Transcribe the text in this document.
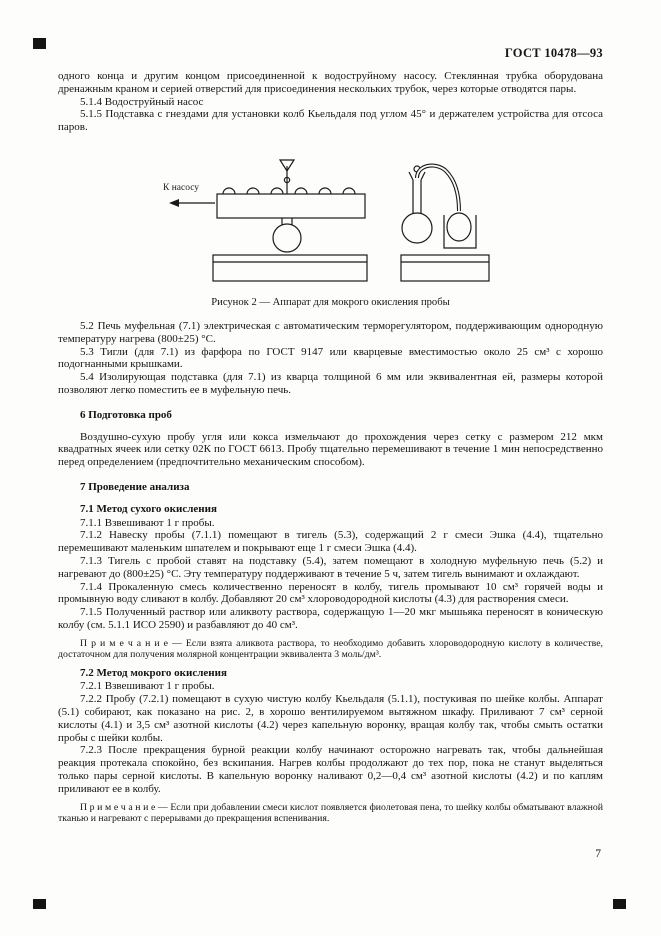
ГОСТ 10478—93

одного конца и другим концом присоединенной к водоструйному насосу. Стеклянная трубка оборудована дренажным краном и серией отверстий для присоединения нескольких трубок, через которые отводятся пары.

5.1.4 Водоструйный насос

5.1.5 Подставка с гнездами для установки колб Кьельдаля под углом 45° и держателем устройства для отсоса паров.

К насосу
Рисунок 2 — Аппарат для мокрого окисления пробы

5.2 Печь муфельная (7.1) электрическая с автоматическим терморегулятором, поддерживающим однородную температуру нагрева (800±25) °С.

5.3 Тигли (для 7.1) из фарфора по ГОСТ 9147 или кварцевые вместимостью около 25 см³ с хорошо подогнанными крышками.

5.4 Изолирующая подставка (для 7.1) из кварца толщиной 6 мм или эквивалентная ей, размеры которой позволяют легко поместить ее в муфельную печь.

6 Подготовка проб

Воздушно-сухую пробу угля или кокса измельчают до прохождения через сетку с размером 212 мкм квадратных ячеек или сетку 02К по ГОСТ 6613. Пробу тщательно перемешивают в течение 1 мин непосредственно перед определением (предпочтительно механическим способом).

7 Проведение анализа

7.1 Метод сухого окисления

7.1.1 Взвешивают 1 г пробы.

7.1.2 Навеску пробы (7.1.1) помещают в тигель (5.3), содержащий 2 г смеси Эшка (4.4), тщательно перемешивают маленьким шпателем и покрывают еще 1 г смеси Эшка (4.4).

7.1.3 Тигель с пробой ставят на подставку (5.4), затем помещают в холодную муфельную печь (5.2) и нагревают до (800±25) °С. Эту температуру поддерживают в течение 5 ч, затем тигель вынимают и охлаждают.

7.1.4 Прокаленную смесь количественно переносят в колбу, тигель промывают 10 см³ горячей воды и промывную воду сливают в колбу. Добавляют 20 см³ хлороводородной кислоты (4.3) для растворения смеси.

7.1.5 Полученный раствор или аликвоту раствора, содержащую 1—20 мкг мышьяка переносят в коническую колбу (см. 5.1.1 ИСО 2590) и разбавляют до 40 см³.

П р и м е ч а н и е — Если взята аликвота раствора, то необходимо добавить хлороводородную кислоту в количестве, достаточном для получения молярной концентрации эквивалента 3 моль/дм³.

7.2 Метод мокрого окисления

7.2.1 Взвешивают 1 г пробы.

7.2.2 Пробу (7.2.1) помещают в сухую чистую колбу Кьельдаля (5.1.1), постукивая по шейке колбы. Аппарат (5.1) собирают, как показано на рис. 2, в хорошо вентилируемом вытяжном шкафу. Приливают 7 см³ серной кислоты (4.1) и 3,5 см³ азотной кислоты (4.2) через капельную воронку, вращая колбу так, чтобы смыть остатки пробы с шейки колбы.

7.2.3 После прекращения бурной реакции колбу начинают осторожно нагревать так, чтобы дальнейшая реакция протекала спокойно, без вскипания. Нагрев колбы продолжают до тех пор, пока не станут выделяться только пары серной кислоты. В капельную воронку наливают 0,2—0,4 см³ азотной кислоты (4.2) и по каплям приливают ее в колбу.

П р и м е ч а н и е — Если при добавлении смеси кислот появляется фиолетовая пена, то шейку колбы обматывают влажной тканью и нагревают с перерывами до прекращения вспенивания.

7
